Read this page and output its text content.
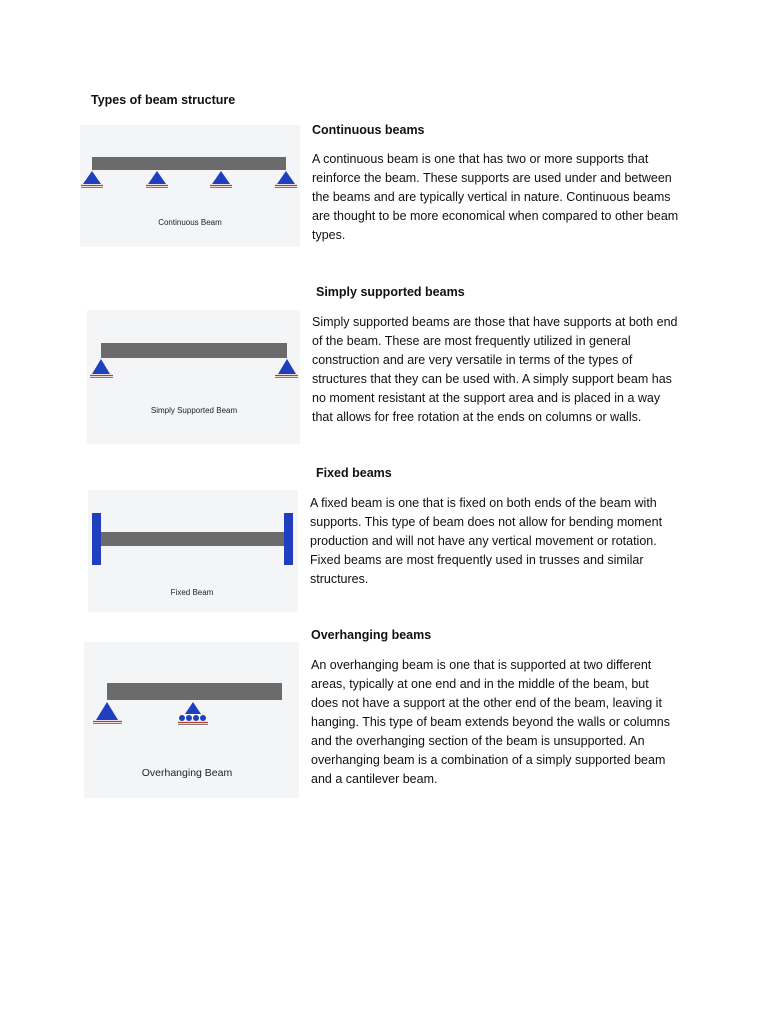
Types of beam structure
Continuous Beam
Continuous beams

A continuous beam is one that has two or more supports that reinforce the beam. These supports are used under and between the beams and are typically vertical in nature. Continuous beams are thought to be more economical when compared to other beam types.

Simply Supported Beam
Simply supported beams

Simply supported beams are those that have supports at both end of the beam. These are most frequently utilized in general construction and are very versatile in terms of the types of structures that they can be used with. A simply support beam has no moment resistant at the support area and is placed in a way that allows for free rotation at the ends on columns or walls.

Fixed Beam
Fixed beams

A fixed beam is one that is fixed on both ends of the beam with supports. This type of beam does not allow for bending moment production and will not have any vertical movement or rotation. Fixed beams are most frequently used in trusses and similar structures.

Overhanging Beam
Overhanging beams

An overhanging beam is one that is supported at two different areas, typically at one end and in the middle of the beam, but does not have a support at the other end of the beam, leaving it hanging. This type of beam extends beyond the walls or columns and the overhanging section of the beam is unsupported. An overhanging beam is a combination of a simply supported beam and a cantilever beam.
